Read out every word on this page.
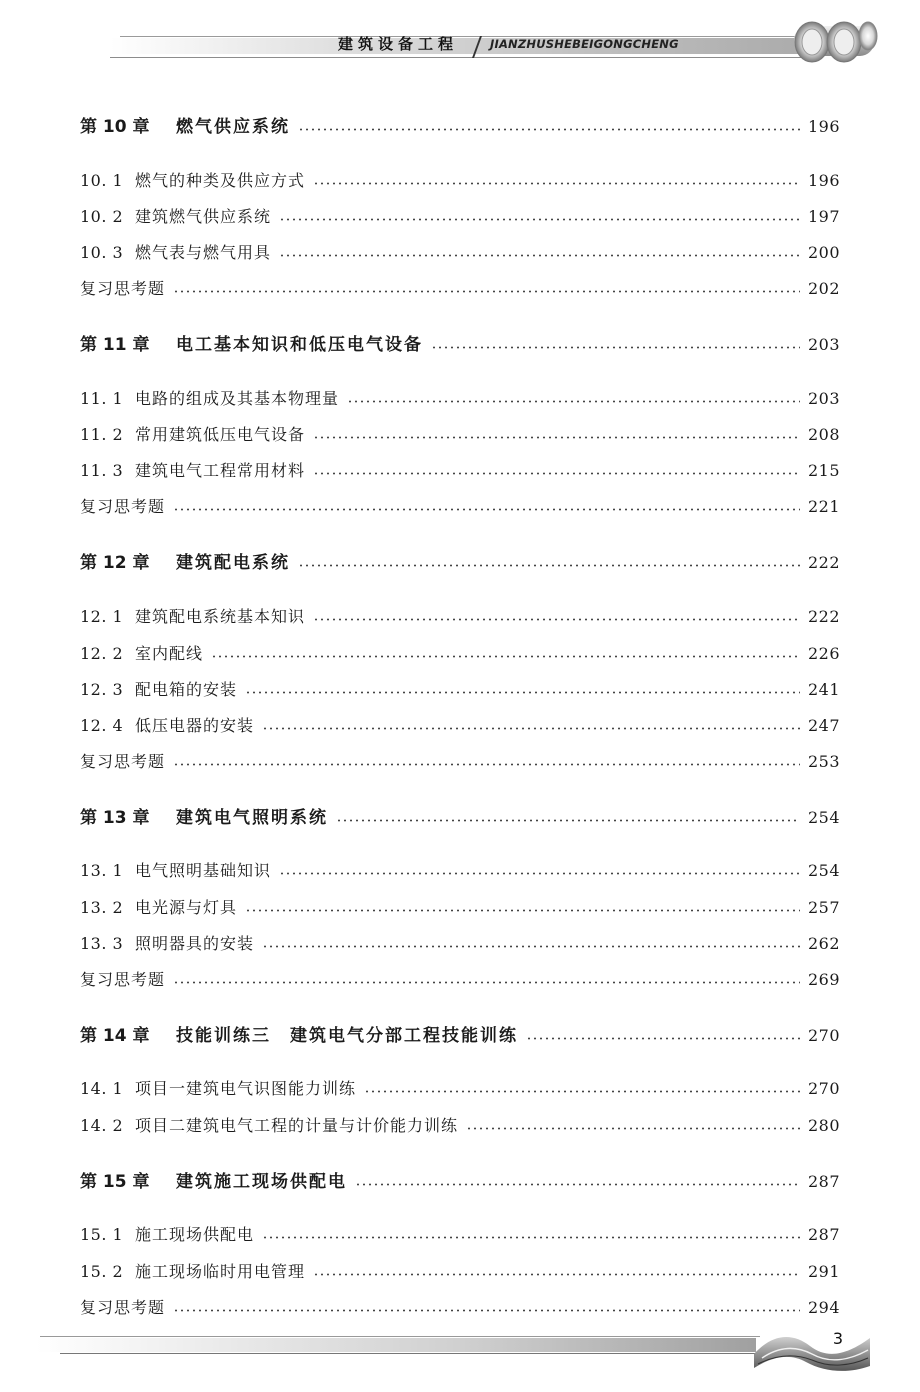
建筑设备工程	JIANZHUSHEBEIGONGCHENG
第 10 章	燃气供应系统	196
10. 1 燃气的种类及供应方式	196
10. 2 建筑燃气供应系统	197
10. 3 燃气表与燃气用具	200
复习思考题	202
第 11 章	电工基本知识和低压电气设备	203
11. 1 电路的组成及其基本物理量	203
11. 2 常用建筑低压电气设备	208
11. 3 建筑电气工程常用材料	215
复习思考题	221
第 12 章	建筑配电系统	222
12. 1 建筑配电系统基本知识	222
12. 2 室内配线	226
12. 3 配电箱的安装	241
12. 4 低压电器的安装	247
复习思考题	253
第 13 章	建筑电气照明系统	254
13. 1 电气照明基础知识	254
13. 2 电光源与灯具	257
13. 3 照明器具的安装	262
复习思考题	269
第 14 章	技能训练三　建筑电气分部工程技能训练	270
14. 1 项目一建筑电气识图能力训练	270
14. 2 项目二建筑电气工程的计量与计价能力训练	280
第 15 章	建筑施工现场供配电	287
15. 1 施工现场供配电	287
15. 2 施工现场临时用电管理	291
复习思考题	294
3
